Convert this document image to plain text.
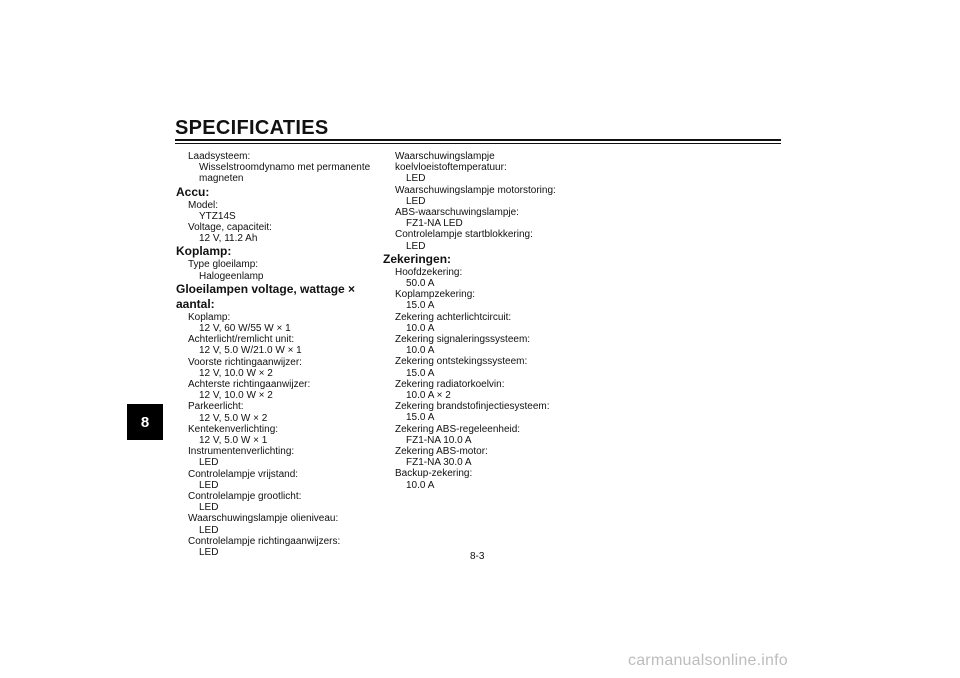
SPECIFICATIES
8
Laadsysteem:
Wisselstroomdynamo met permanente
magneten
Accu:
Model:
YTZ14S
Voltage, capaciteit:
12 V, 11.2 Ah
Koplamp:
Type gloeilamp:
Halogeenlamp
Gloeilampen voltage, wattage × aantal:
Koplamp:
12 V, 60 W/55 W × 1
Achterlicht/remlicht unit:
12 V, 5.0 W/21.0 W × 1
Voorste richtingaanwijzer:
12 V, 10.0 W × 2
Achterste richtingaanwijzer:
12 V, 10.0 W × 2
Parkeerlicht:
12 V, 5.0 W × 2
Kentekenverlichting:
12 V, 5.0 W × 1
Instrumentenverlichting:
LED
Controlelampje vrijstand:
LED
Controlelampje grootlicht:
LED
Waarschuwingslampje olieniveau:
LED
Controlelampje richtingaanwijzers:
LED
Waarschuwingslampje
koelvloeistoftemperatuur:
LED
Waarschuwingslampje motorstoring:
LED
ABS-waarschuwingslampje:
FZ1-NA LED
Controlelampje startblokkering:
LED
Zekeringen:
Hoofdzekering:
50.0 A
Koplampzekering:
15.0 A
Zekering achterlichtcircuit:
10.0 A
Zekering signaleringssysteem:
10.0 A
Zekering ontstekingssysteem:
15.0 A
Zekering radiatorkoelvin:
10.0 A × 2
Zekering brandstofinjectiesysteem:
15.0 A
Zekering ABS-regeleenheid:
FZ1-NA 10.0 A
Zekering ABS-motor:
FZ1-NA 30.0 A
Backup-zekering:
10.0 A
8-3
carmanualsonline.info
